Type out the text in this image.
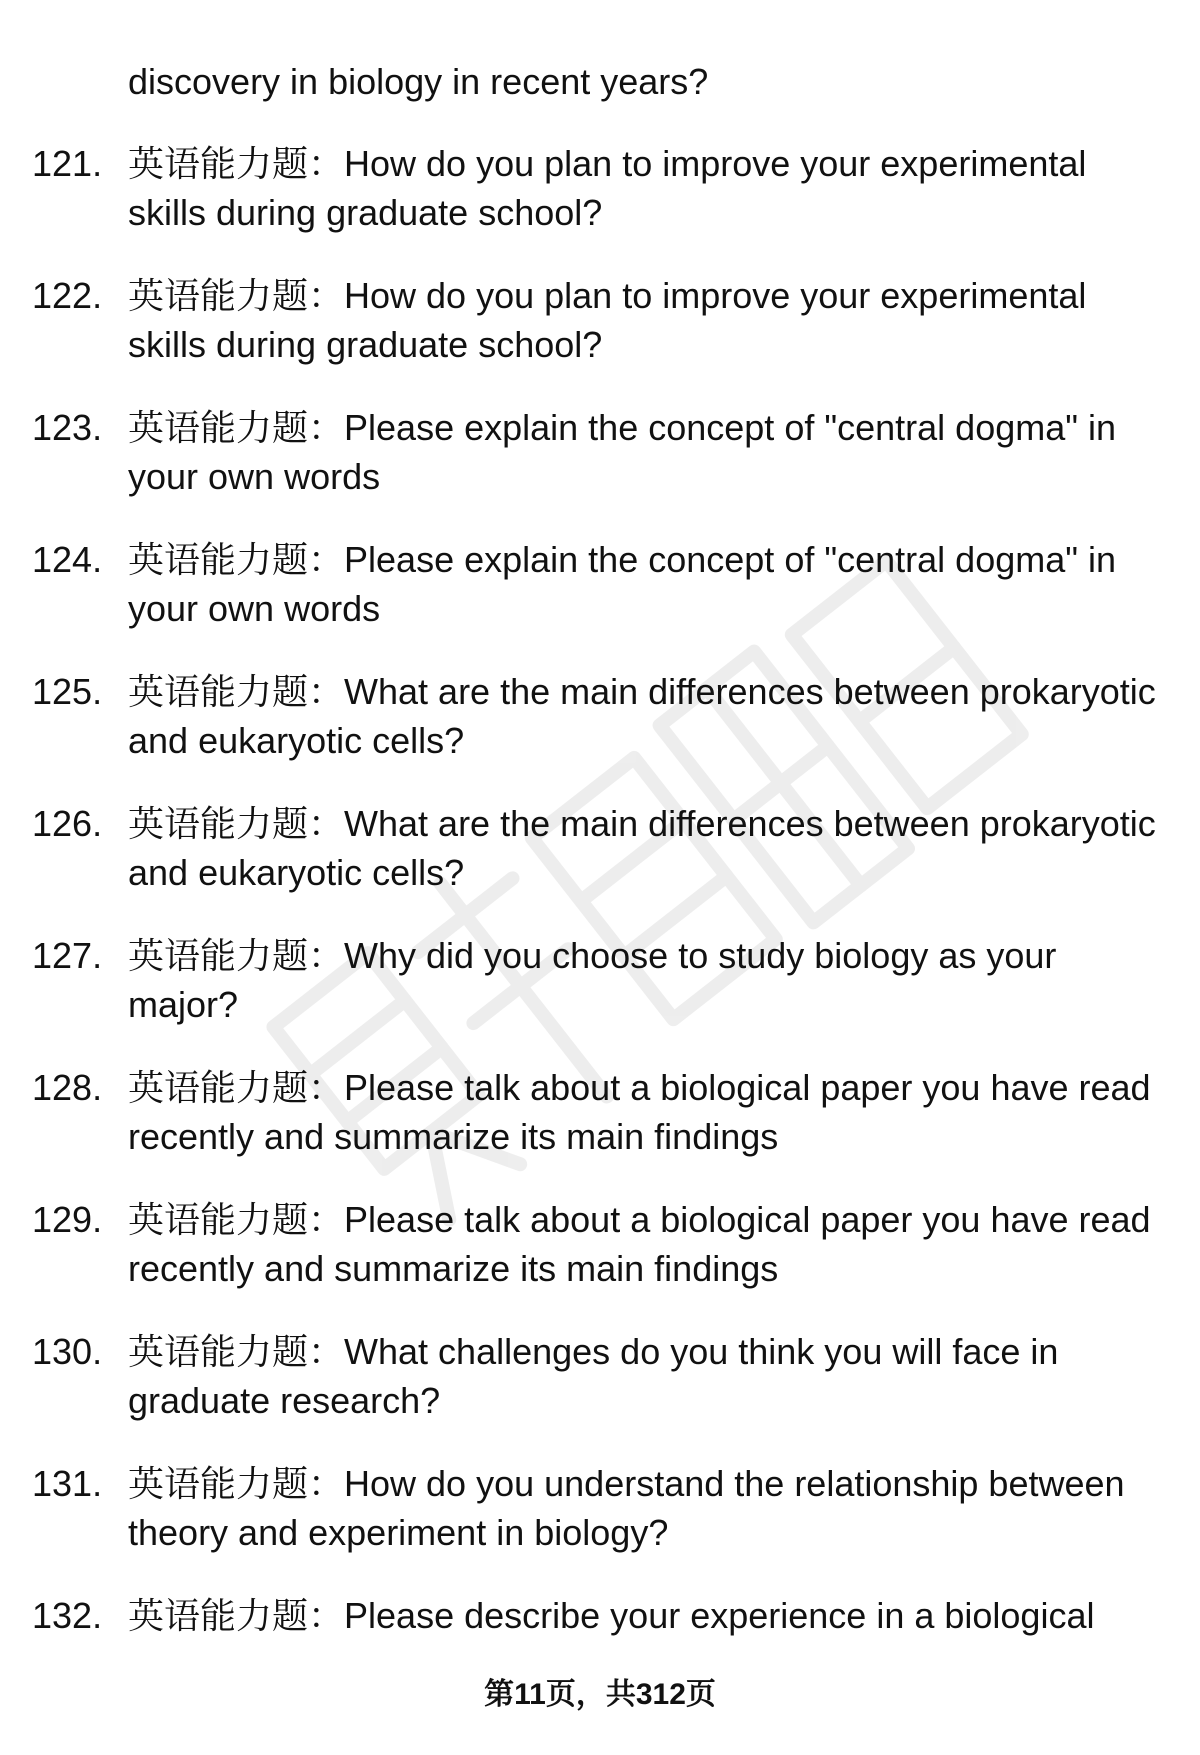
discovery in biology in recent years?
121. 英语能力题：How do you plan to improve your experimental skills during graduate school?
122. 英语能力题：How do you plan to improve your experimental skills during graduate school?
123. 英语能力题：Please explain the concept of "central dogma" in your own words
124. 英语能力题：Please explain the concept of "central dogma" in your own words
125. 英语能力题：What are the main differences between prokaryotic and eukaryotic cells?
126. 英语能力题：What are the main differences between prokaryotic and eukaryotic cells?
127. 英语能力题：Why did you choose to study biology as your major?
128. 英语能力题：Please talk about a biological paper you have read recently and summarize its main findings
129. 英语能力题：Please talk about a biological paper you have read recently and summarize its main findings
130. 英语能力题：What challenges do you think you will face in graduate research?
131. 英语能力题：How do you understand the relationship between theory and experiment in biology?
132. 英语能力题：Please describe your experience in a biological
第11页，共312页
